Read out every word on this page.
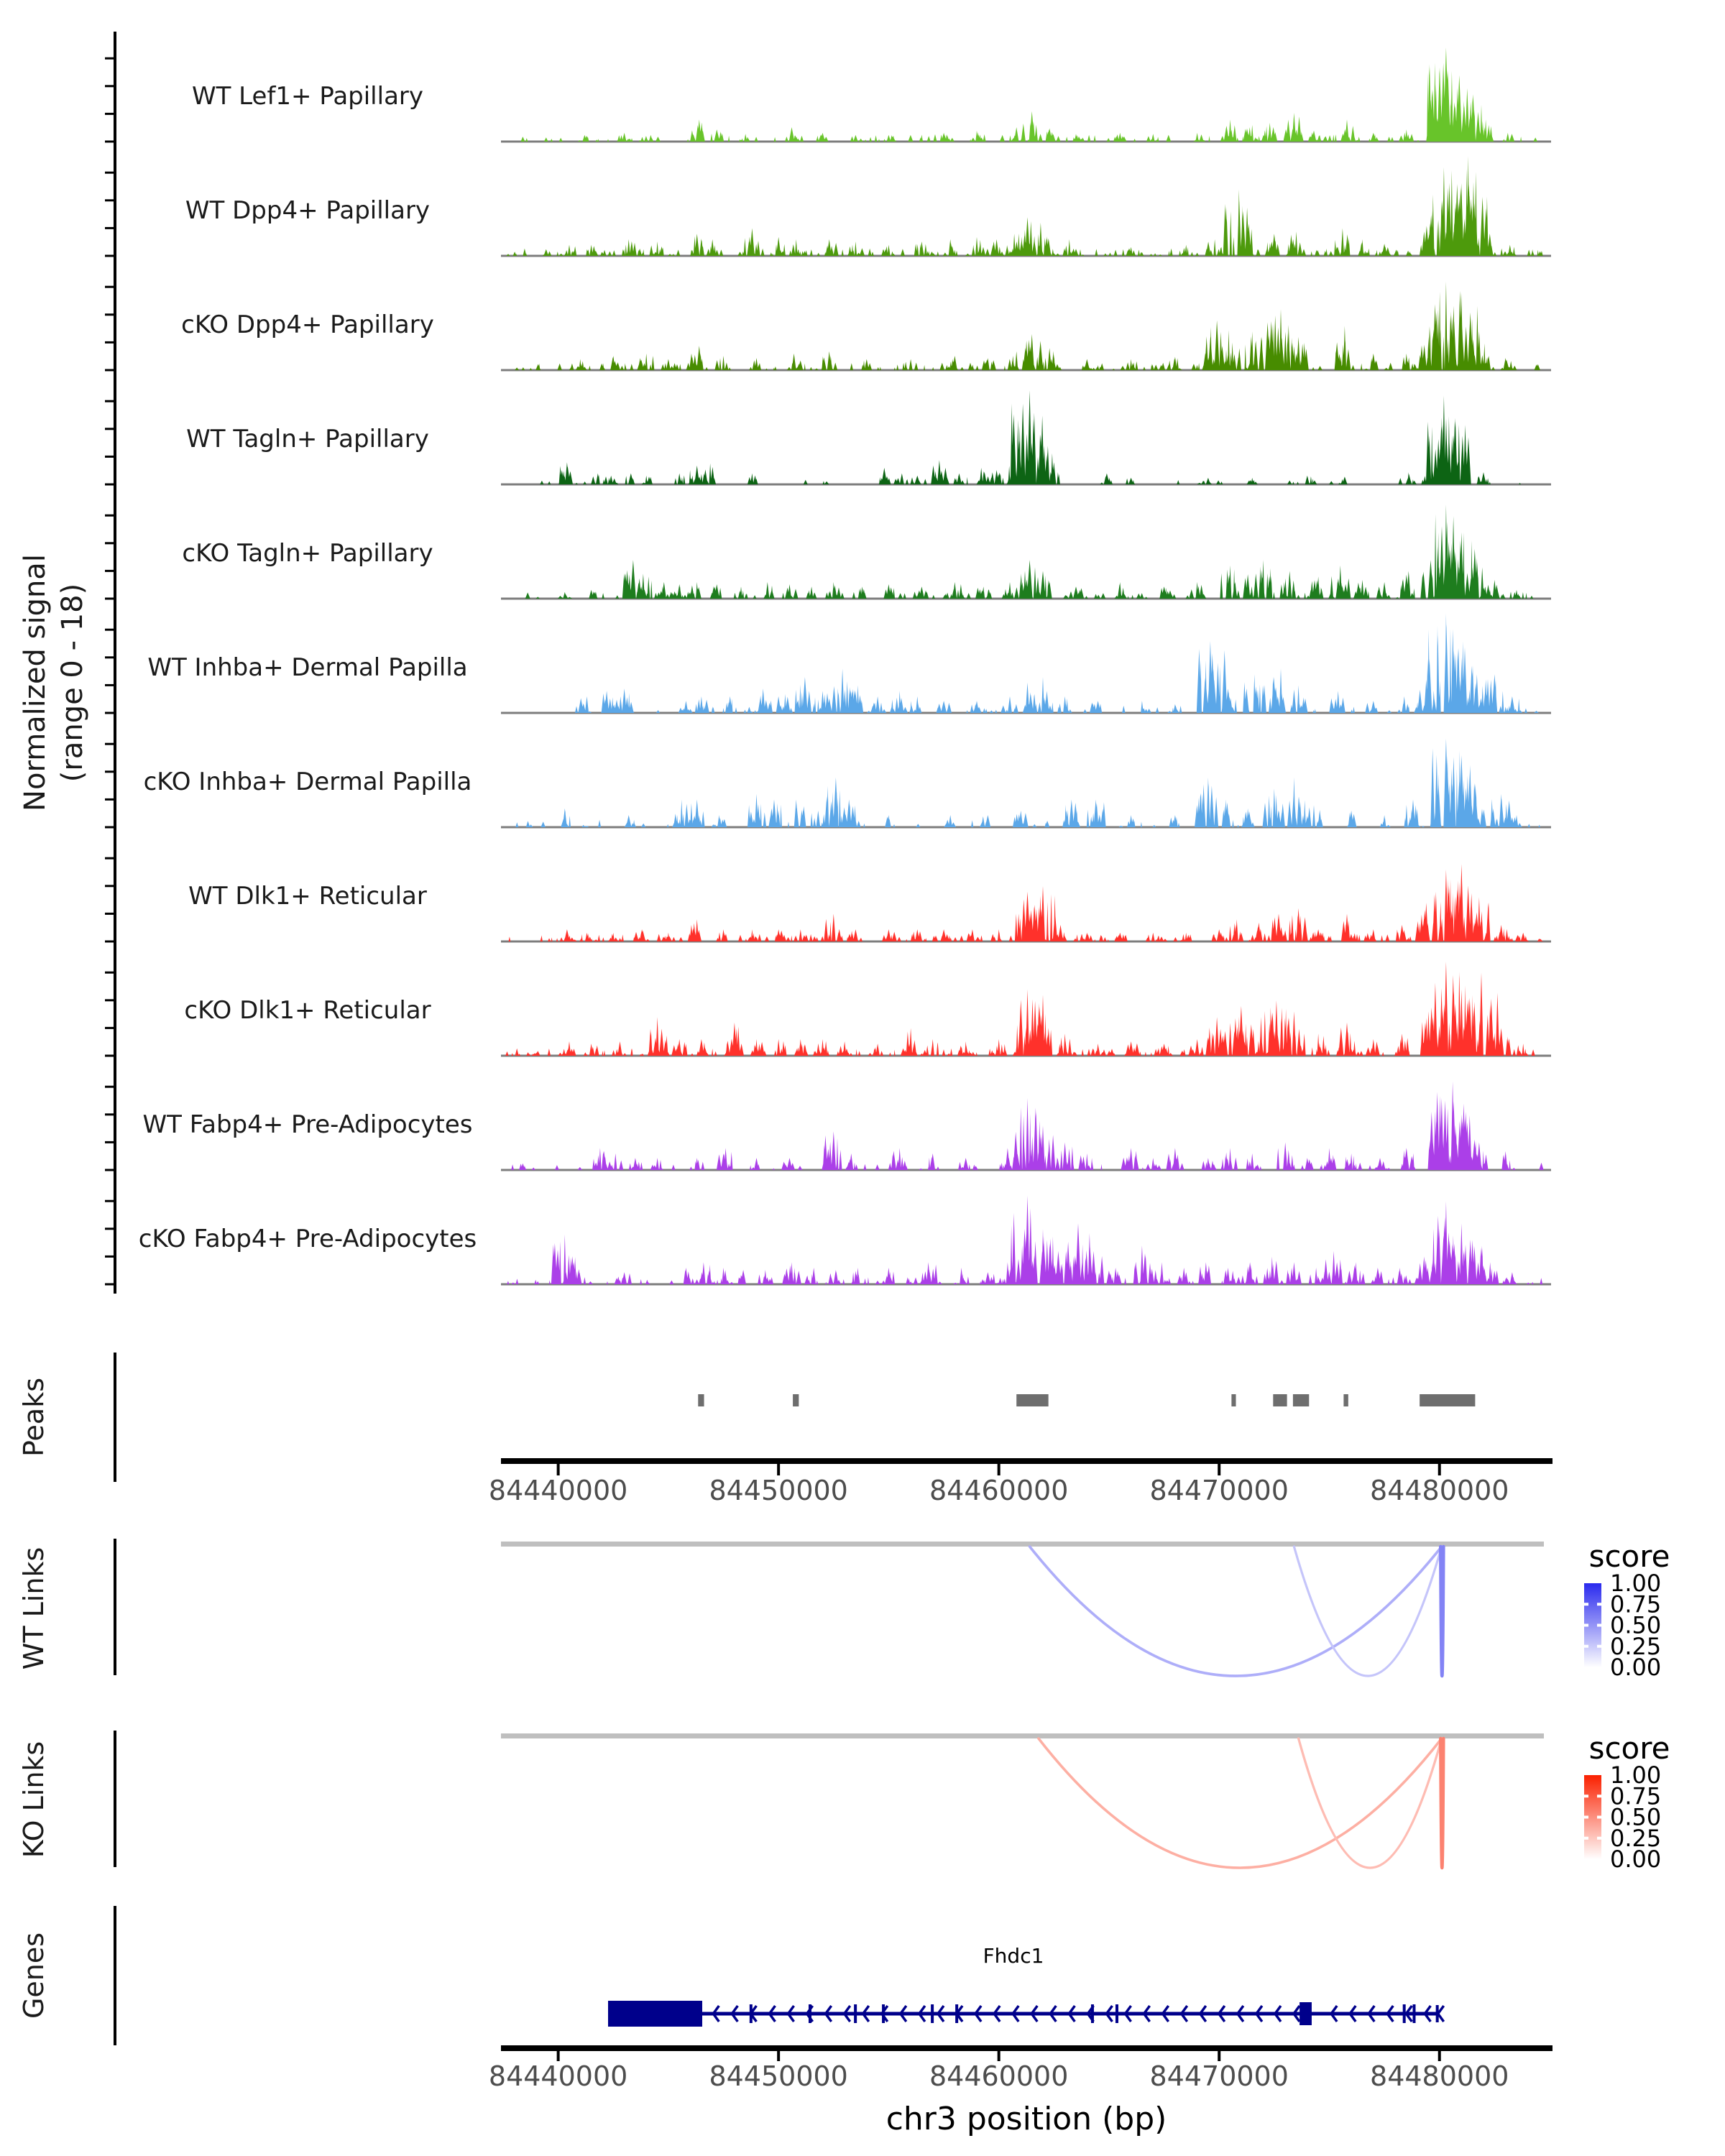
WT Lef1+ Papillary
WT Dpp4+ Papillary
cKO Dpp4+ Papillary
WT Tagln+ Papillary
cKO Tagln+ Papillary
WT Inhba+ Dermal Papilla
cKO Inhba+ Dermal Papilla
WT Dlk1+ Reticular
cKO Dlk1+ Reticular
WT Fabp4+ Pre-Adipocytes
cKO Fabp4+ Pre-Adipocytes
84440000	84450000	84460000	84470000	84480000
84440000	84450000	84460000	84470000	84480000
1.00
0.75
0.50
0.25
0.00
1.00
0.75
0.50
0.25
0.00
Normalized signal (range 0 - 18)
Peaks
WT Links
KO Links
Genes
score
score
Fhdc1
chr3 position (bp)
